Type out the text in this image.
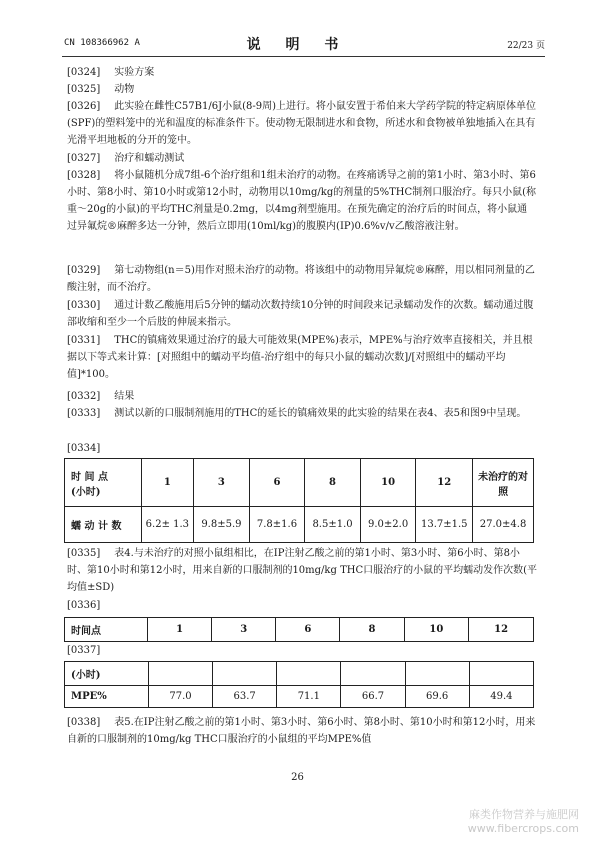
CN 108366962 A	说 明 书	22/23 页
[0324] 实验方案
[0325] 动物
[0326] 此实验在雌性C57B1/6J小鼠(8-9周)上进行。将小鼠安置于希伯来大学药学院的特定病原体单位(SPF)的塑料笼中的光和温度的标准条件下。使动物无限制进水和食物，所述水和食物被单独地插入在具有光滑平坦地板的分开的笼中。
[0327] 治疗和蠕动测试
[0328] 将小鼠随机分成7组-6个治疗组和1组未治疗的动物。在疼痛诱导之前的第1小时、第3小时、第6小时、第8小时、第10小时或第12小时，动物用以10mg/kg的剂量的5%THC制剂口服治疗。每只小鼠(称重～20g的小鼠)的平均THC剂量是0.2mg，以4mg剂型施用。在预先确定的治疗后的时间点，将小鼠通过异氟烷®麻醉多达一分钟，然后立即用(10ml/kg)的腹膜内(IP)0.6%v/v乙酸溶液注射。
[0329] 第七动物组(n＝5)用作对照未治疗的动物。将该组中的动物用异氟烷®麻醉，用以相同剂量的乙酸注射，而不治疗。
[0330] 通过计数乙酸施用后5分钟的蠕动次数持续10分钟的时间段来记录蠕动发作的次数。蠕动通过腹部收缩和至少一个后肢的伸展来指示。
[0331] THC的镇痛效果通过治疗的最大可能效果(MPE%)表示，MPE%与治疗效率直接相关，并且根据以下等式来计算：[对照组中的蠕动平均值-治疗组中的每只小鼠的蠕动次数]/[对照组中的蠕动平均值]*100。
[0332] 结果
[0333] 测试以新的口服制剂施用的THC的延长的镇痛效果的此实验的结果在表4、表5和图9中呈现。
[0334]
时 间 点
(小时)	1	3	6	8	10	12	未治疗的对照
蠕 动 计 数	6.2± 1.3	9.8±5.9	7.8±1.6	8.5±1.0	9.0±2.0	13.7±1.5	27.0±4.8
[0335] 表4.与未治疗的对照小鼠组相比，在IP注射乙酸之前的第1小时、第3小时、第6小时、第8小时、第10小时和第12小时，用来自新的口服制剂的10mg/kg THC口服治疗的小鼠的平均蠕动发作次数(平均值±SD)
[0336]
时间点	1	3	6	8	10	12
[0337]
(小时)						
MPE%	77.0	63.7	71.1	66.7	69.6	49.4
[0338] 表5.在IP注射乙酸之前的第1小时、第3小时、第6小时、第8小时、第10小时和第12小时，用来自新的口服制剂的10mg/kg THC口服治疗的小鼠组的平均MPE%值
26
麻类作物营养与施肥网
www.fibercrops.com
